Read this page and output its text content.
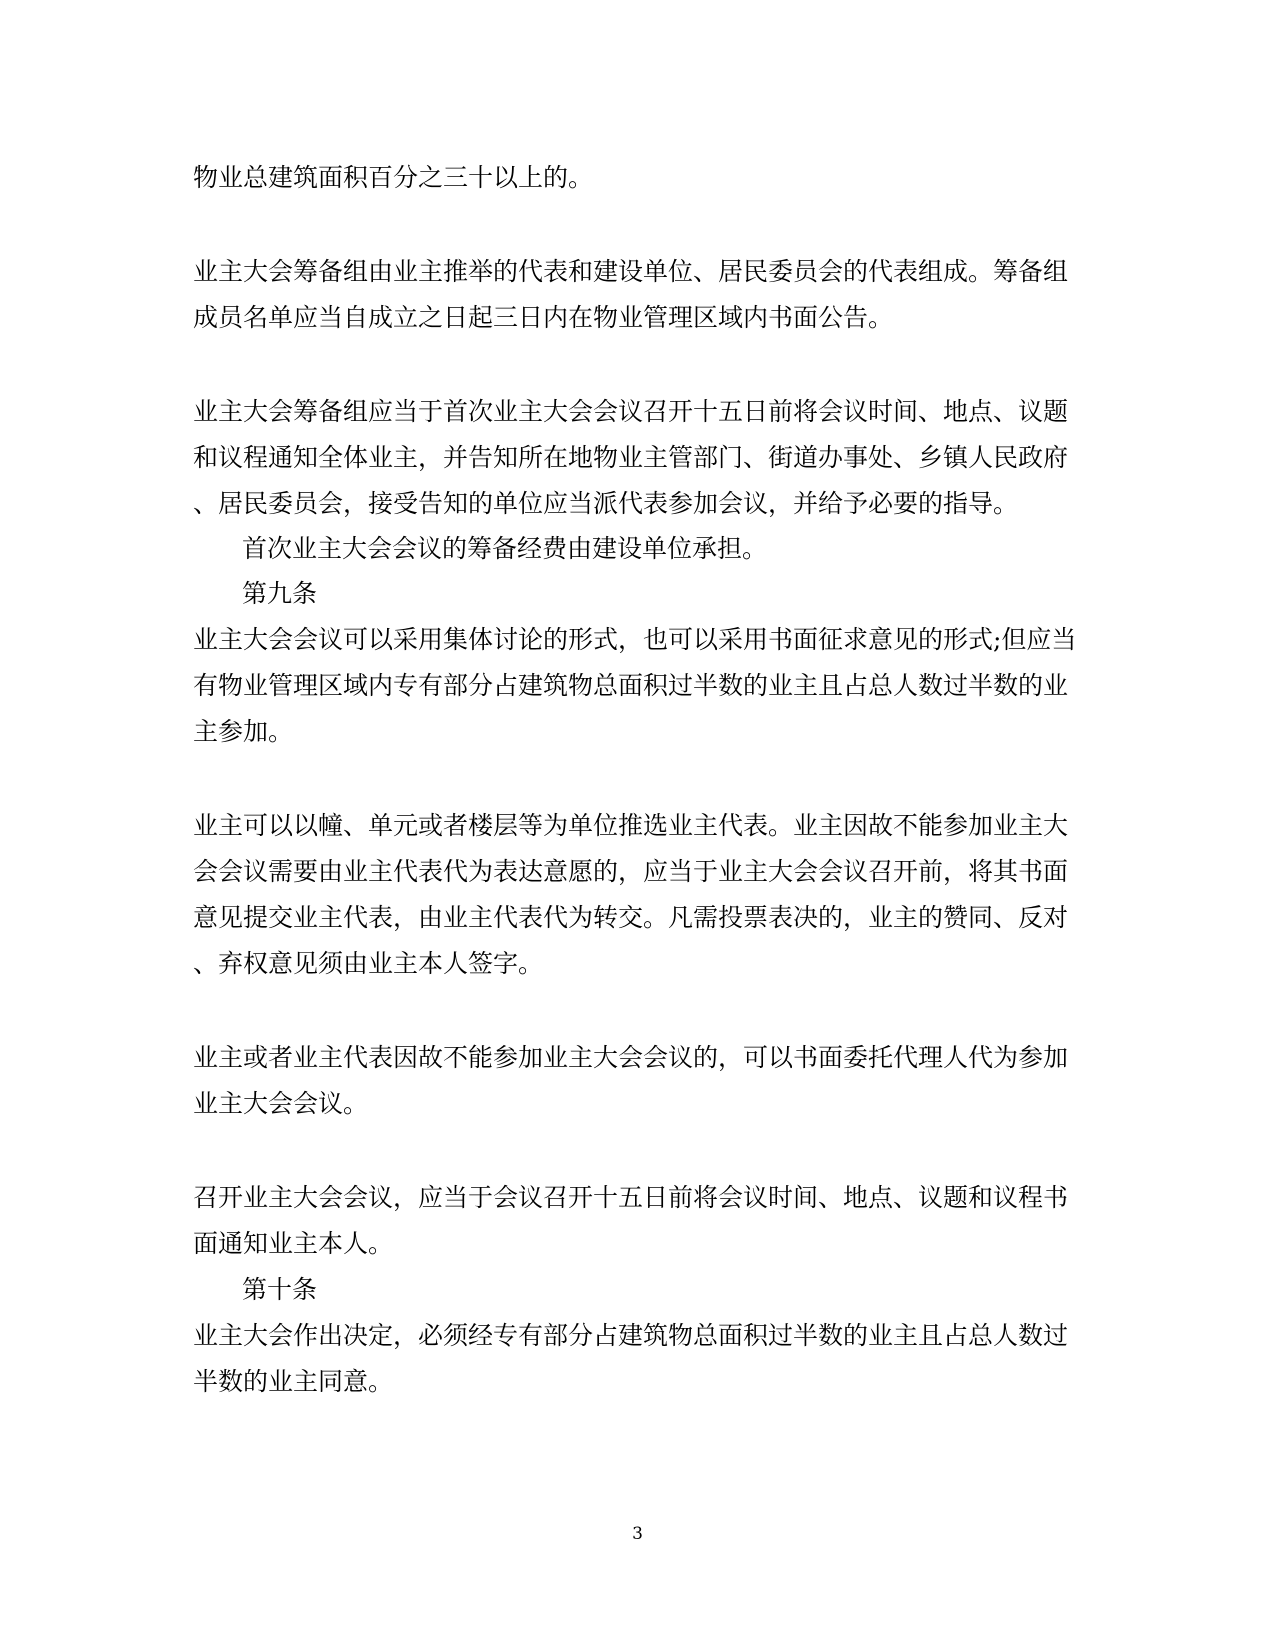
物业总建筑面积百分之三十以上的。
业主大会筹备组由业主推举的代表和建设单位、居民委员会的代表组成。筹备组
成员名单应当自成立之日起三日内在物业管理区域内书面公告。
业主大会筹备组应当于首次业主大会会议召开十五日前将会议时间、地点、议题
和议程通知全体业主，并告知所在地物业主管部门、街道办事处、乡镇人民政府
、居民委员会，接受告知的单位应当派代表参加会议，并给予必要的指导。
首次业主大会会议的筹备经费由建设单位承担。
第九条
业主大会会议可以采用集体讨论的形式，也可以采用书面征求意见的形式;但应当
有物业管理区域内专有部分占建筑物总面积过半数的业主且占总人数过半数的业
主参加。
业主可以以幢、单元或者楼层等为单位推选业主代表。业主因故不能参加业主大
会会议需要由业主代表代为表达意愿的，应当于业主大会会议召开前，将其书面
意见提交业主代表，由业主代表代为转交。凡需投票表决的，业主的赞同、反对
、弃权意见须由业主本人签字。
业主或者业主代表因故不能参加业主大会会议的，可以书面委托代理人代为参加
业主大会会议。
召开业主大会会议，应当于会议召开十五日前将会议时间、地点、议题和议程书
面通知业主本人。
第十条
业主大会作出决定，必须经专有部分占建筑物总面积过半数的业主且占总人数过
半数的业主同意。
3
